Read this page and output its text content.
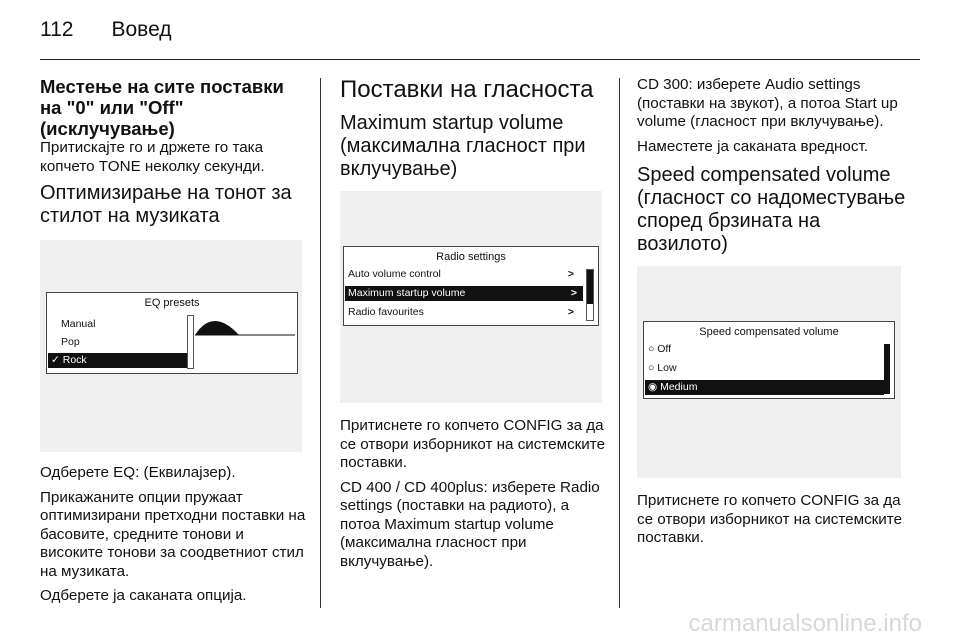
112 Вовед
Местење на сите поставки на "0" или "Off" (исклучување)

Притискајте го и држете го така копчето TONE неколку секунди.

Оптимизирање на тонот за стилот на музиката
EQ presets
Manual
Pop
✓ Rock

Одберете EQ: (Еквилајзер).

Прикажаните опции пружаат оптимизирани претходни поставки на басовите, средните тонови и високите тонови за соодветниот стил на музиката.

Одберете ја саканата опција.

Поставки на гласноста
Maximum startup volume (максимална гласност при вклучување)
Radio settings
Auto volume control	>
Maximum startup volume	>
Radio favourites	>

Притиснете го копчето CONFIG за да се отвори изборникот на системските поставки.

CD 400 / CD 400plus: изберете Radio settings (поставки на радиото), а потоа Maximum startup volume (максимална гласност при вклучување).

CD 300: изберете Audio settings (поставки на звукот), а потоа Start up volume (гласност при вклучување).

Наместете ја саканата вредност.

Speed compensated volume (гласност со надоместување според брзината на возилото)
Speed compensated volume
○ Off
○ Low
◉ Medium

Притиснете го копчето CONFIG за да се отвори изборникот на системските поставки.

carmanualsonline.info
